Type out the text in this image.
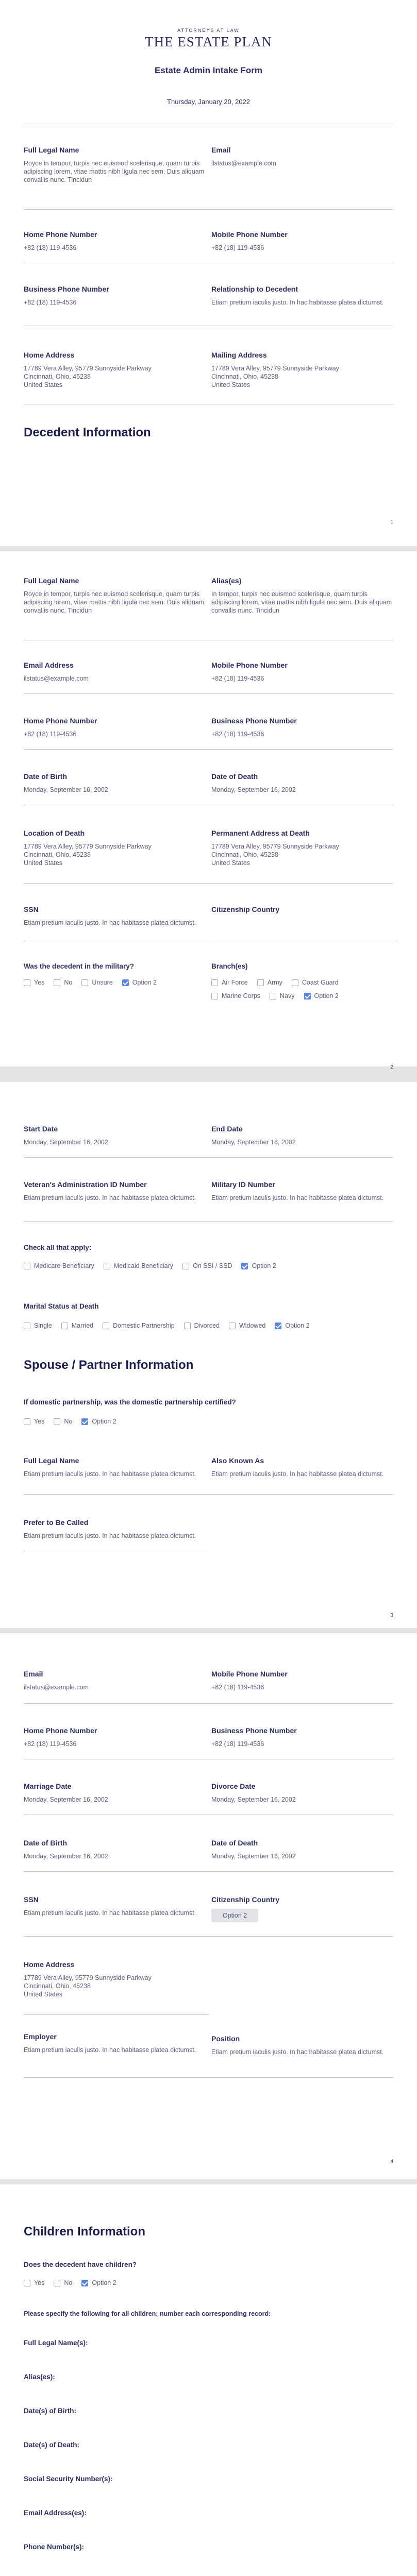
ATTORNEYS AT LAW
THE ESTATE PLAN
Estate Admin Intake Form
Thursday, January 20, 2022
Full Legal Name
Royce in tempor, turpis nec euismod scelerisque, quam turpis adipiscing lorem, vitae mattis nibh ligula nec sem. Duis aliquam convallis nunc. Tincidun
Email
ilstatus@example.com
Home Phone Number
+82 (18) 119-4536
Mobile Phone Number
+82 (18) 119-4536
Business Phone Number
+82 (18) 119-4536
Relationship to Decedent
Etiam pretium iaculis justo. In hac habitasse platea dictumst.
Home Address
17789 Vera Alley, 95779 Sunnyside Parkway
Cincinnati, Ohio, 45238
United States
Mailing Address
17789 Vera Alley, 95779 Sunnyside Parkway
Cincinnati, Ohio, 45238
United States
Decedent Information
1
Full Legal Name
Royce in tempor, turpis nec euismod scelerisque, quam turpis adipiscing lorem, vitae mattis nibh ligula nec sem. Duis aliquam convallis nunc. Tincidun
Alias(es)
In tempor, turpis nec euismod scelerisque, quam turpis adipiscing lorem, vitae mattis nibh ligula nec sem. Duis aliquam convallis nunc. Tincidun
Email Address
ilstatus@example.com
Mobile Phone Number
+82 (18) 119-4536
Home Phone Number
+82 (18) 119-4536
Business Phone Number
+82 (18) 119-4536
Date of Birth
Monday, September 16, 2002
Date of Death
Monday, September 16, 2002
Location of Death
17789 Vera Alley, 95779 Sunnyside Parkway
Cincinnati, Ohio, 45238
United States
Permanent Address at Death
17789 Vera Alley, 95779 Sunnyside Parkway
Cincinnati, Ohio, 45238
United States
SSN
Etiam pretium iaculis justo. In hac habitasse platea dictumst.
Citizenship Country
Was the decedent in the military?
Yes	No	Unsure	Option 2
Branch(es)
Air Force	Army	Coast Guard
Marine Corps	Navy	Option 2
2
Start Date
Monday, September 16, 2002
End Date
Monday, September 16, 2002
Veteran's Administration ID Number
Etiam pretium iaculis justo. In hac habitasse platea dictumst.
Military ID Number
Etiam pretium iaculis justo. In hac habitasse platea dictumst.
Check all that apply:
Medicare Beneficiary	Medicaid Beneficiary	On SSI / SSD	Option 2
Marital Status at Death
Single	Married	Domestic Partnership	Divorced	Widowed	Option 2
Spouse / Partner Information
If domestic partnership, was the domestic partnership certified?
Yes	No	Option 2
Full Legal Name
Etiam pretium iaculis justo. In hac habitasse platea dictumst.
Also Known As
Etiam pretium iaculis justo. In hac habitasse platea dictumst.
Prefer to Be Called
Etiam pretium iaculis justo. In hac habitasse platea dictumst.
3
Email
ilstatus@example.com
Mobile Phone Number
+82 (18) 119-4536
Home Phone Number
+82 (18) 119-4536
Business Phone Number
+82 (18) 119-4536
Marriage Date
Monday, September 16, 2002
Divorce Date
Monday, September 16, 2002
Date of Birth
Monday, September 16, 2002
Date of Death
Monday, September 16, 2002
SSN
Etiam pretium iaculis justo. In hac habitasse platea dictumst.
Citizenship Country
Option 2
Home Address
17789 Vera Alley, 95779 Sunnyside Parkway
Cincinnati, Ohio, 45238
United States
Employer
Etiam pretium iaculis justo. In hac habitasse platea dictumst.
Position
Etiam pretium iaculis justo. In hac habitasse platea dictumst.
4
Children Information
Does the decedent have children?
Yes	No	Option 2
Please specify the following for all children; number each corresponding record:
Full Legal Name(s):
Alias(es):
Date(s) of Birth:
Date(s) of Death:
Social Security Number(s):
Email Address(es):
Phone Number(s):
